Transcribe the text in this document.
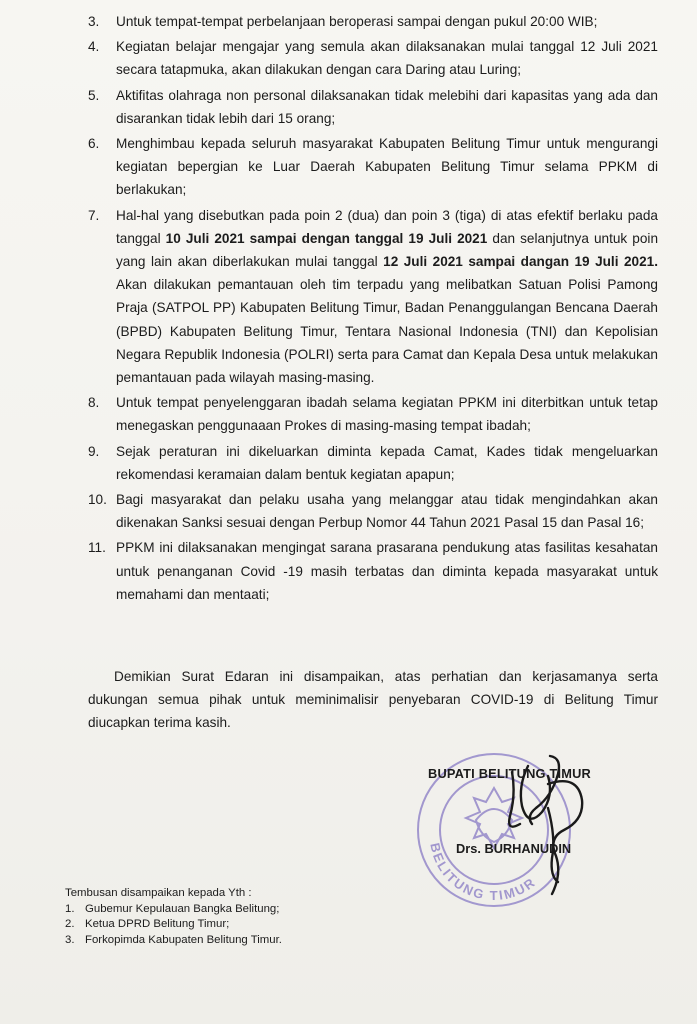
3. Untuk tempat-tempat perbelanjaan beroperasi sampai dengan pukul 20:00 WIB;
4. Kegiatan belajar mengajar yang semula akan dilaksanakan mulai tanggal 12 Juli 2021 secara tatapmuka, akan dilakukan dengan cara Daring atau Luring;
5. Aktifitas olahraga non personal dilaksanakan tidak melebihi dari kapasitas yang ada dan disarankan tidak lebih dari 15 orang;
6. Menghimbau kepada seluruh masyarakat Kabupaten Belitung Timur untuk mengurangi kegiatan bepergian ke Luar Daerah Kabupaten Belitung Timur selama PPKM di berlakukan;
7. Hal-hal yang disebutkan pada poin 2 (dua) dan poin 3 (tiga) di atas efektif berlaku pada tanggal 10 Juli 2021 sampai dengan tanggal 19 Juli 2021 dan selanjutnya untuk poin yang lain akan diberlakukan mulai tanggal 12 Juli 2021 sampai dangan 19 Juli 2021. Akan dilakukan pemantauan oleh tim terpadu yang melibatkan Satuan Polisi Pamong Praja (SATPOL PP) Kabupaten Belitung Timur, Badan Penanggulangan Bencana Daerah (BPBD) Kabupaten Belitung Timur, Tentara Nasional Indonesia (TNI) dan Kepolisian Negara Republik Indonesia (POLRI) serta para Camat dan Kepala Desa untuk melakukan pemantauan pada wilayah masing-masing.
8. Untuk tempat penyelenggaran ibadah selama kegiatan PPKM ini diterbitkan untuk tetap menegaskan penggunaaan Prokes di masing-masing tempat ibadah;
9. Sejak peraturan ini dikeluarkan diminta kepada Camat, Kades tidak mengeluarkan rekomendasi keramaian dalam bentuk kegiatan apapun;
10. Bagi masyarakat dan pelaku usaha yang melanggar atau tidak mengindahkan akan dikenakan Sanksi sesuai dengan Perbup Nomor 44 Tahun 2021 Pasal 15 dan Pasal 16;
11. PPKM ini dilaksanakan mengingat sarana prasarana pendukung atas fasilitas kesahatan untuk penanganan Covid -19 masih terbatas dan diminta kepada masyarakat untuk memahami dan mentaati;
Demikian Surat Edaran ini disampaikan, atas perhatian dan kerjasamanya serta dukungan semua pihak untuk meminimalisir penyebaran COVID-19 di Belitung Timur diucapkan terima kasih.
BELITUNG TIMUR
BUPATI BELITUNG TIMUR
Drs. BURHANUDIN
Tembusan disampaikan kepada Yth :
1. Gubemur Kepulauan Bangka Belitung;
2. Ketua DPRD Belitung Timur;
3. Forkopimda Kabupaten Belitung Timur.
